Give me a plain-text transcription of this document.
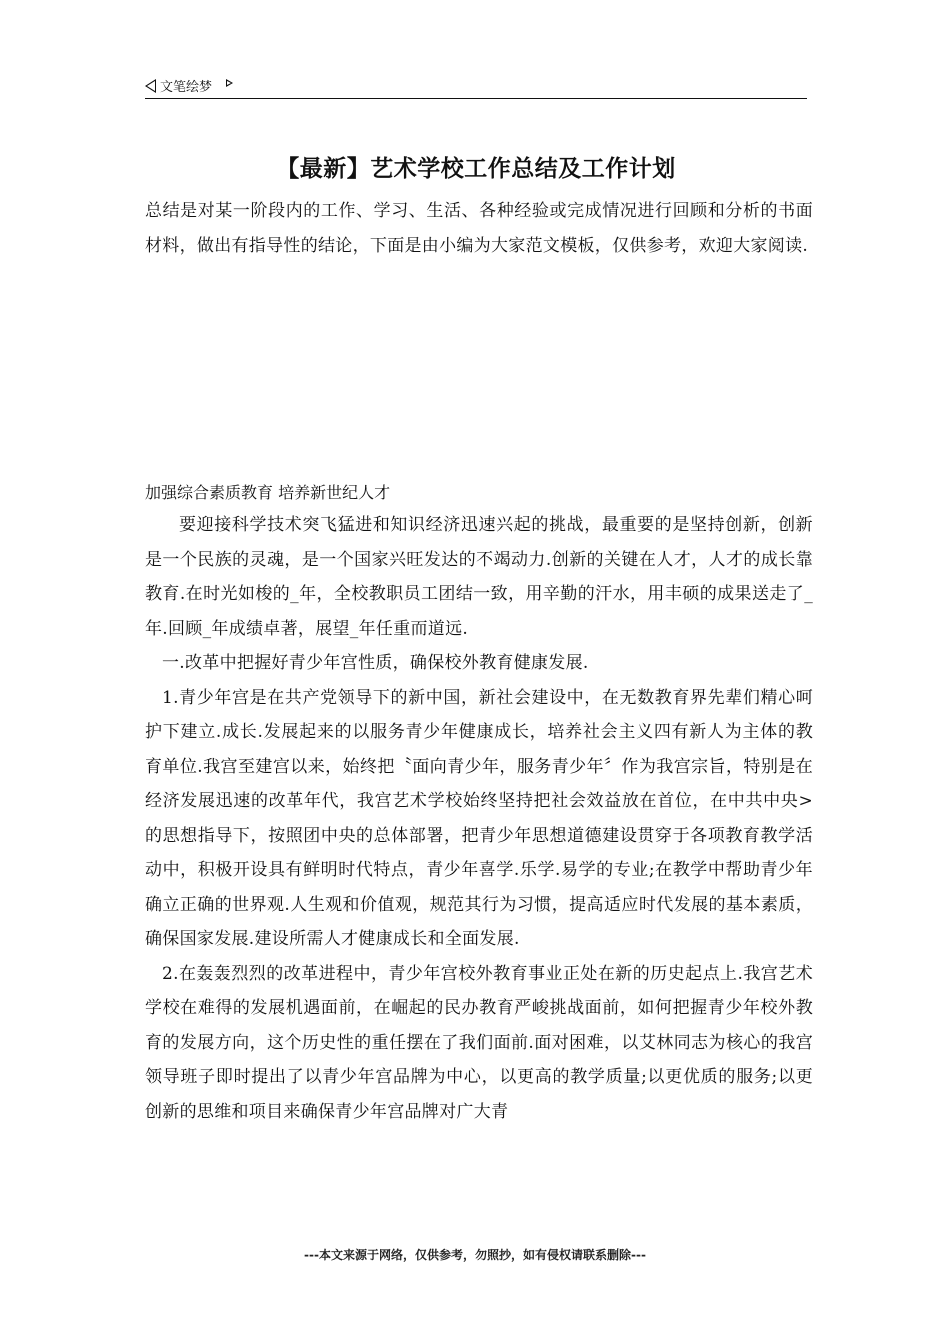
文笔绘梦
【最新】艺术学校工作总结及工作计划

总结是对某一阶段内的工作、学习、生活、各种经验或完成情况进行回顾和分析的书面材料，做出有指导性的结论，下面是由小编为大家范文模板，仅供参考，欢迎大家阅读.

加强综合素质教育 培养新世纪人才

要迎接科学技术突飞猛进和知识经济迅速兴起的挑战，最重要的是坚持创新，创新是一个民族的灵魂，是一个国家兴旺发达的不竭动力.创新的关键在人才，人才的成长靠教育.在时光如梭的_年，全校教职员工团结一致，用辛勤的汗水，用丰硕的成果送走了_年.回顾_年成绩卓著，展望_年任重而道远.

一.改革中把握好青少年宫性质，确保校外教育健康发展.

1.青少年宫是在共产党领导下的新中国，新社会建设中，在无数教育界先辈们精心呵护下建立.成长.发展起来的以服务青少年健康成长，培养社会主义四有新人为主体的教育单位.我宫至建宫以来，始终把〝面向青少年，服务青少年〞作为我宫宗旨，特别是在经济发展迅速的改革年代，我宫艺术学校始终坚持把社会效益放在首位，在中共中央>的思想指导下，按照团中央的总体部署，把青少年思想道德建设贯穿于各项教育教学活动中，积极开设具有鲜明时代特点，青少年喜学.乐学.易学的专业;在教学中帮助青少年确立正确的世界观.人生观和价值观，规范其行为习惯，提高适应时代发展的基本素质，确保国家发展.建设所需人才健康成长和全面发展.

2.在轰轰烈烈的改革进程中，青少年宫校外教育事业正处在新的历史起点上.我宫艺术学校在难得的发展机遇面前，在崛起的民办教育严峻挑战面前，如何把握青少年校外教育的发展方向，这个历史性的重任摆在了我们面前.面对困难，以艾林同志为核心的我宫领导班子即时提出了以青少年宫品牌为中心，以更高的教学质量;以更优质的服务;以更创新的思维和项目来确保青少年宫品牌对广大青

---本文来源于网络，仅供参考，勿照抄，如有侵权请联系删除---
